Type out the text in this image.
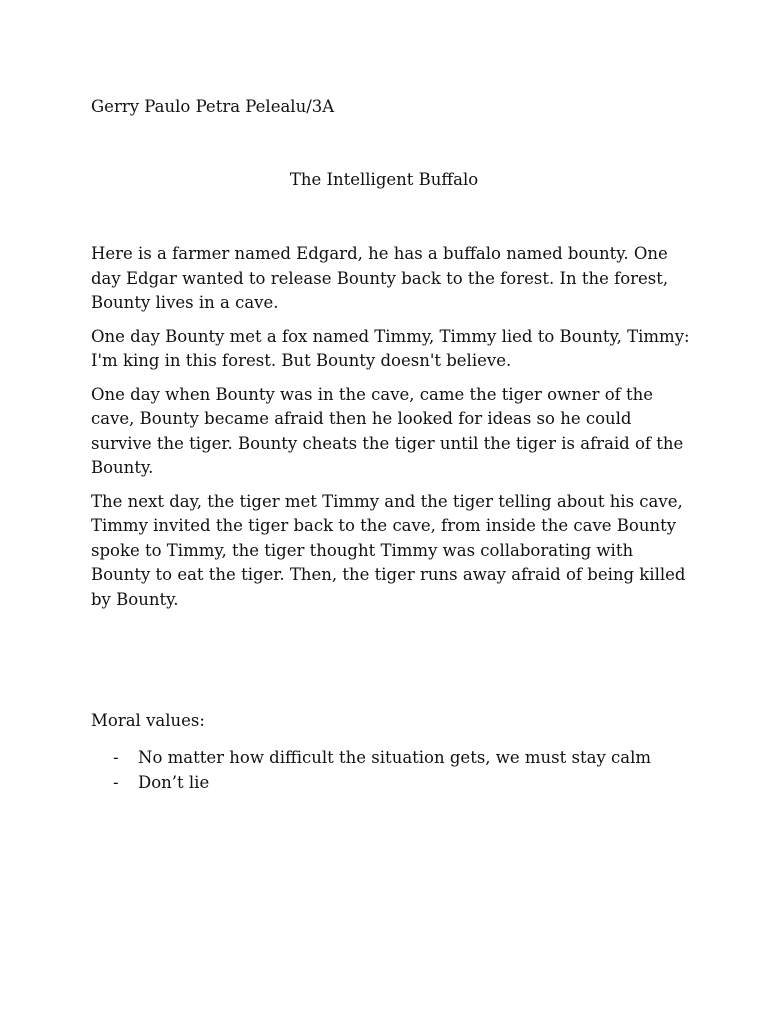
Gerry Paulo Petra Pelealu/3A
The Intelligent Buffalo

Here is a farmer named Edgard, he has a buffalo named bounty. One day Edgar wanted to release Bounty back to the forest. In the forest, Bounty lives in a cave.

One day Bounty met a fox named Timmy, Timmy lied to Bounty, Timmy: I'm king in this forest. But Bounty doesn't believe.

One day when Bounty was in the cave, came the tiger owner of the cave, Bounty became afraid then he looked for ideas so he could survive the tiger. Bounty cheats the tiger until the tiger is afraid of the Bounty.

The next day, the tiger met Timmy and the tiger telling about his cave, Timmy invited the tiger back to the cave, from inside the cave Bounty spoke to Timmy, the tiger thought Timmy was collaborating with Bounty to eat the tiger. Then, the tiger runs away afraid of being killed by Bounty.

Moral values:
- No matter how difficult the situation gets, we must stay calm
- Don’t lie
